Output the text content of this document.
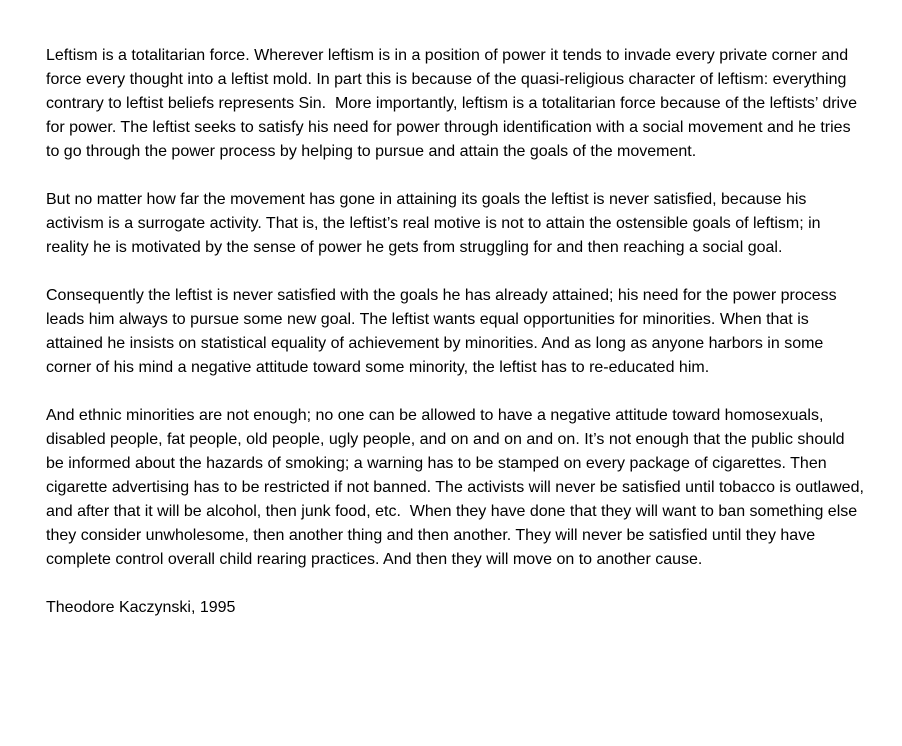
Leftism is a totalitarian force. Wherever leftism is in a position of power it tends to invade every private corner and force every thought into a leftist mold. In part this is because of the quasi-religious character of leftism: everything contrary to leftist beliefs represents Sin.  More importantly, leftism is a totalitarian force because of the leftists’ drive for power. The leftist seeks to satisfy his need for power through identification with a social movement and he tries to go through the power process by helping to pursue and attain the goals of the movement.

But no matter how far the movement has gone in attaining its goals the leftist is never satisfied, because his activism is a surrogate activity. That is, the leftist’s real motive is not to attain the ostensible goals of leftism; in reality he is motivated by the sense of power he gets from struggling for and then reaching a social goal.

Consequently the leftist is never satisfied with the goals he has already attained; his need for the power process leads him always to pursue some new goal. The leftist wants equal opportunities for minorities. When that is attained he insists on statistical equality of achievement by minorities. And as long as anyone harbors in some corner of his mind a negative attitude toward some minority, the leftist has to re-educated him.

And ethnic minorities are not enough; no one can be allowed to have a negative attitude toward homosexuals, disabled people, fat people, old people, ugly people, and on and on and on. It’s not enough that the public should be informed about the hazards of smoking; a warning has to be stamped on every package of cigarettes. Then cigarette advertising has to be restricted if not banned. The activists will never be satisfied until tobacco is outlawed, and after that it will be alcohol, then junk food, etc.  When they have done that they will want to ban something else they consider unwholesome, then another thing and then another. They will never be satisfied until they have complete control overall child rearing practices. And then they will move on to another cause.

Theodore Kaczynski, 1995
